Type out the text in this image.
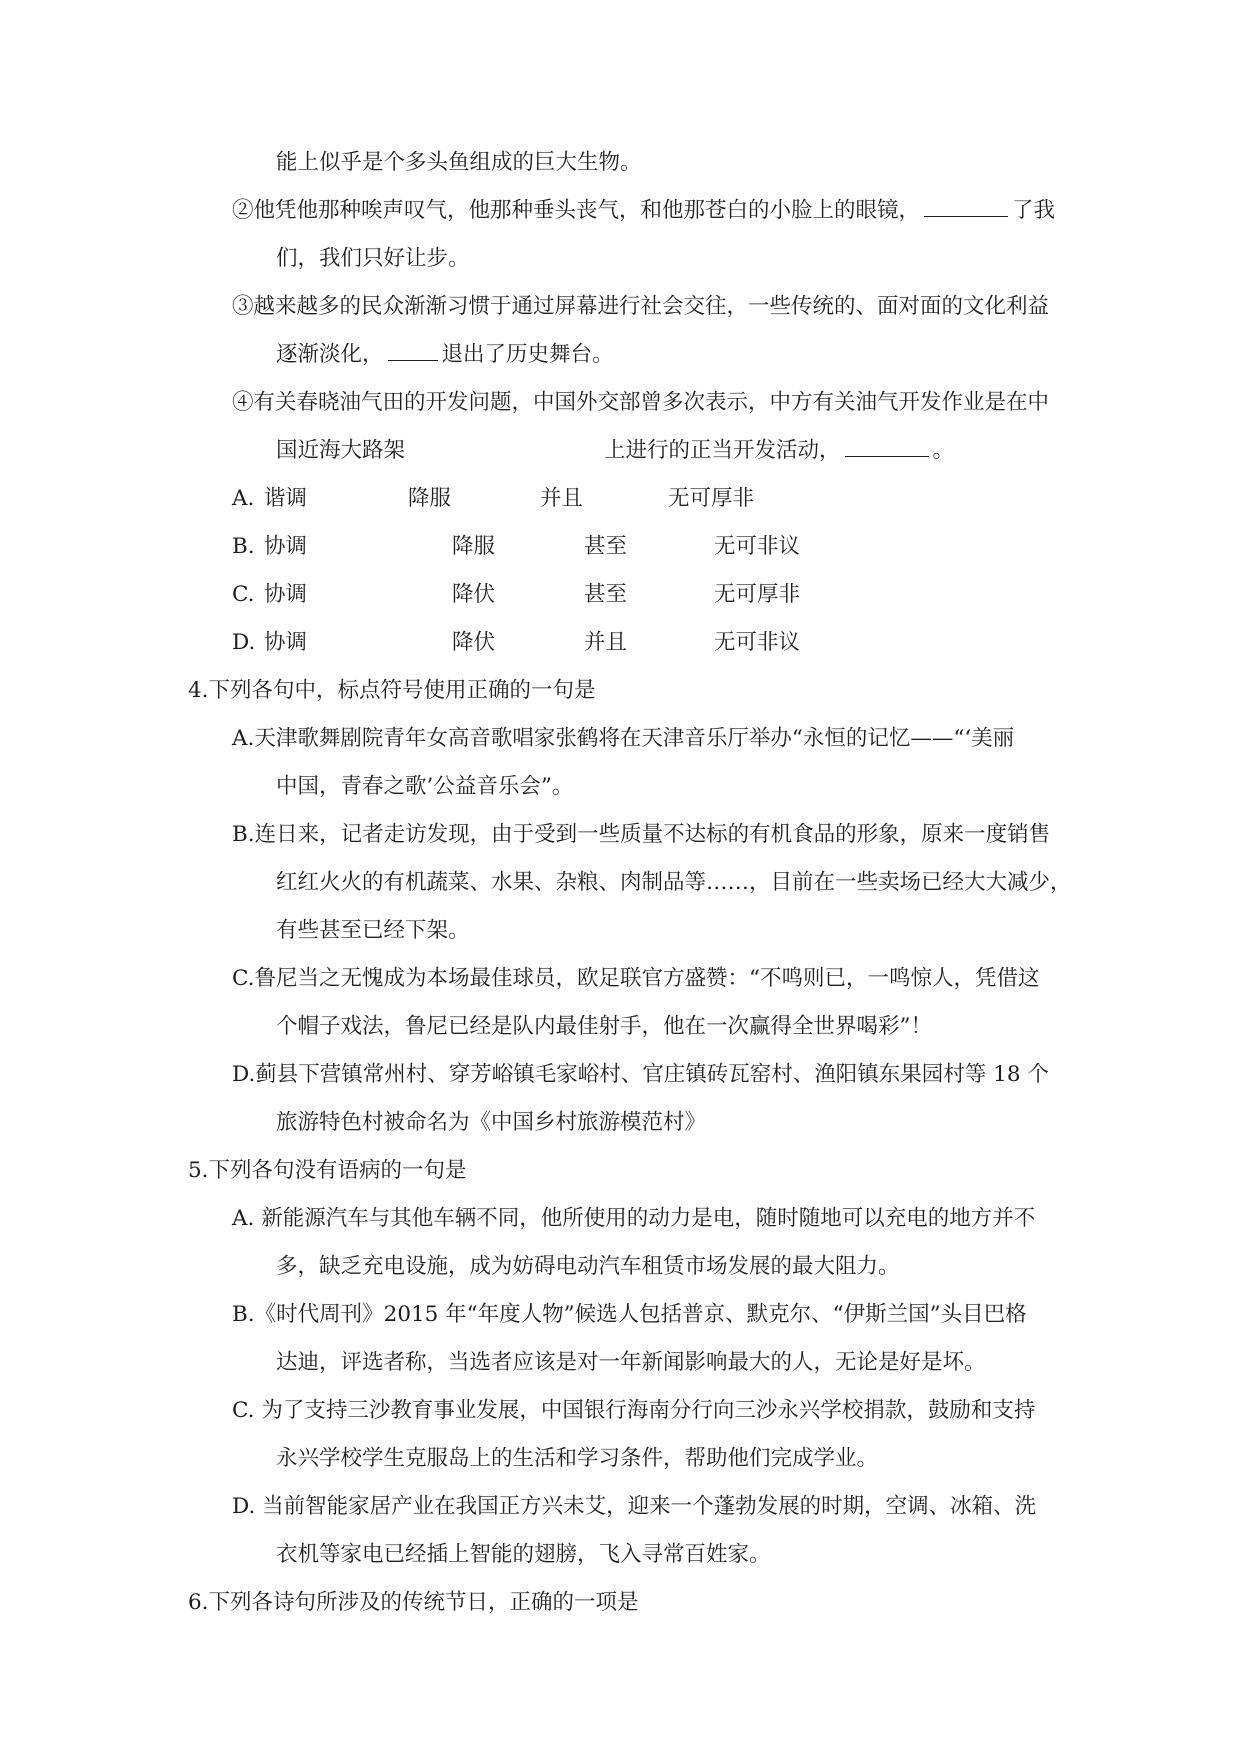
能上似乎是个多头鱼组成的巨大生物。
②他凭他那种唉声叹气，他那种垂头丧气，和他那苍白的小脸上的眼镜，	了我
们，我们只好让步。
③越来越多的民众渐渐习惯于通过屏幕进行社会交往，一些传统的、面对面的文化利益
逐渐淡化，	退出了历史舞台。
④有关春晓油气田的开发问题，中国外交部曾多次表示，中方有关油气开发作业是在中
国近海大路架	上进行的正当开发活动，	。
A. 谐调	降服	并且	无可厚非
B. 协调	降服	甚至	无可非议
C. 协调	降伏	甚至	无可厚非
D. 协调	降伏	并且	无可非议
4.下列各句中，标点符号使用正确的一句是
A.天津歌舞剧院青年女高音歌唱家张鹤将在天津音乐厅举办“永恒的记忆——“‘美丽
中国，青春之歌’公益音乐会”。
B.连日来，记者走访发现，由于受到一些质量不达标的有机食品的形象，原来一度销售
红红火火的有机蔬菜、水果、杂粮、肉制品等……，目前在一些卖场已经大大减少，
有些甚至已经下架。
C.鲁尼当之无愧成为本场最佳球员，欧足联官方盛赞：“不鸣则已，一鸣惊人，凭借这
个帽子戏法，鲁尼已经是队内最佳射手，他在一次赢得全世界喝彩”！
D.蓟县下营镇常州村、穿芳峪镇毛家峪村、官庄镇砖瓦窑村、渔阳镇东果园村等 18 个
旅游特色村被命名为《中国乡村旅游模范村》
5.下列各句没有语病的一句是
A. 新能源汽车与其他车辆不同，他所使用的动力是电，随时随地可以充电的地方并不
多，缺乏充电设施，成为妨碍电动汽车租赁市场发展的最大阻力。
B.《时代周刊》2015 年“年度人物”候选人包括普京、默克尔、“伊斯兰国”头目巴格
达迪，评选者称，当选者应该是对一年新闻影响最大的人，无论是好是坏。
C. 为了支持三沙教育事业发展，中国银行海南分行向三沙永兴学校捐款，鼓励和支持
永兴学校学生克服岛上的生活和学习条件，帮助他们完成学业。
D. 当前智能家居产业在我国正方兴未艾，迎来一个蓬勃发展的时期，空调、冰箱、洗
衣机等家电已经插上智能的翅膀，飞入寻常百姓家。
6.下列各诗句所涉及的传统节日，正确的一项是
